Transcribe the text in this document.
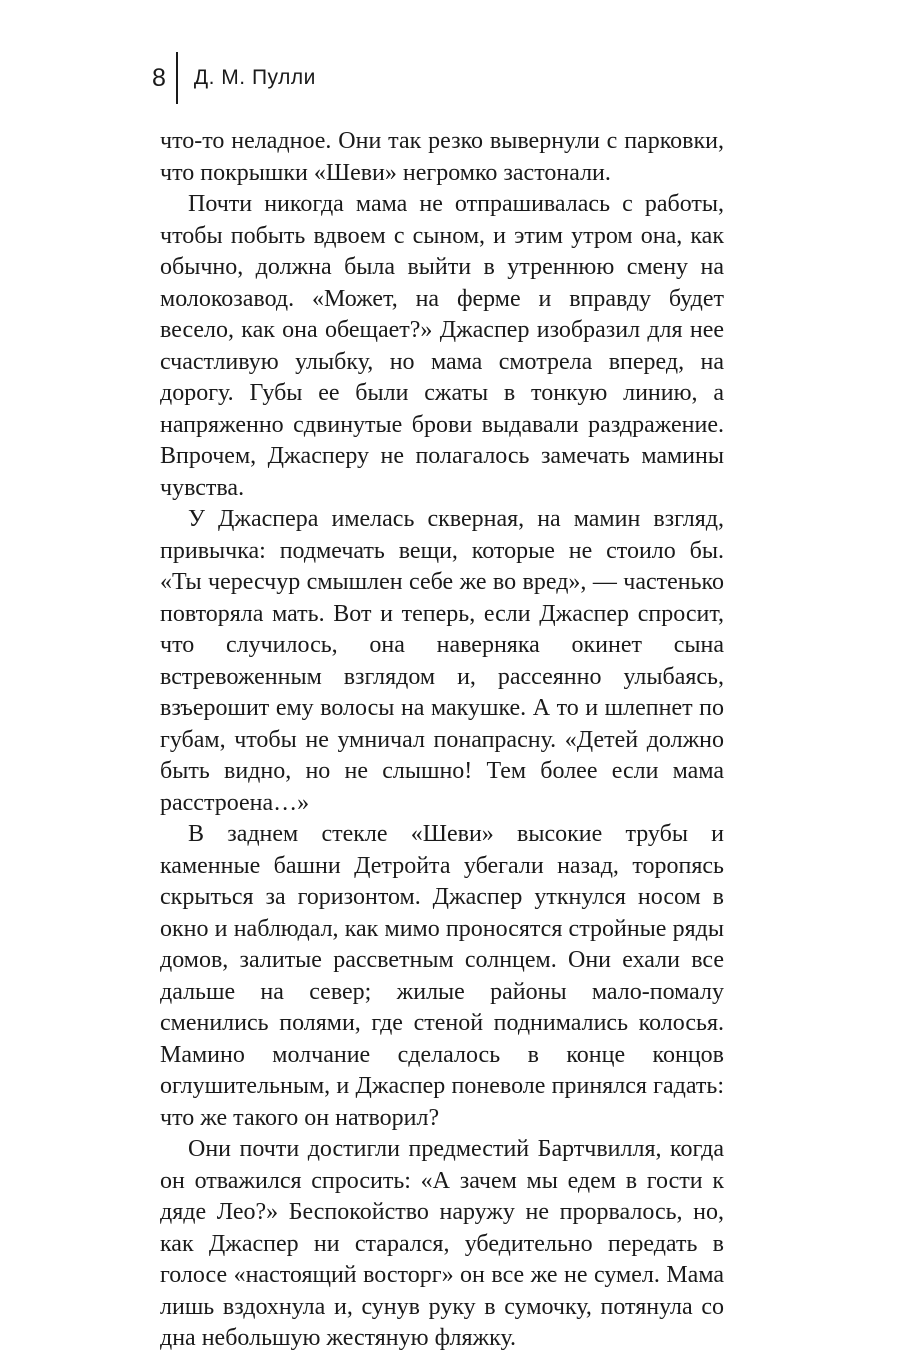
8	Д. М. Пулли

что-то неладное. Они так резко вывернули с парковки, что покрышки «Шеви» негромко застонали.

Почти никогда мама не отпрашивалась с работы, чтобы побыть вдвоем с сыном, и этим утром она, как обычно, должна была выйти в утреннюю смену на молокозавод. «Может, на ферме и вправду будет весело, как она обещает?» Джаспер изобразил для нее счастливую улыбку, но мама смотрела вперед, на дорогу. Губы ее были сжаты в тонкую линию, а напряженно сдвинутые брови выдавали раздражение. Впрочем, Джасперу не полагалось замечать мамины чувства.

У Джаспера имелась скверная, на мамин взгляд, привычка: подмечать вещи, которые не стоило бы. «Ты чересчур смышлен себе же во вред», — частенько повторяла мать. Вот и теперь, если Джаспер спросит, что случилось, она наверняка окинет сына встревоженным взглядом и, рассеянно улыбаясь, взъерошит ему волосы на макушке. А то и шлепнет по губам, чтобы не умничал понапрасну. «Детей должно быть видно, но не слышно! Тем более если мама расстроена…»

В заднем стекле «Шеви» высокие трубы и каменные башни Детройта убегали назад, торопясь скрыться за горизонтом. Джаспер уткнулся носом в окно и наблюдал, как мимо проносятся стройные ряды домов, залитые рассветным солнцем. Они ехали все дальше на север; жилые районы мало-помалу сменились полями, где стеной поднимались колосья. Мамино молчание сделалось в конце концов оглушительным, и Джаспер поневоле принялся гадать: что же такого он натворил?

Они почти достигли предместий Бартчвилля, когда он отважился спросить: «А зачем мы едем в гости к дяде Лео?» Беспокойство наружу не прорвалось, но, как Джаспер ни старался, убедительно передать в голосе «настоящий восторг» он все же не сумел. Мама лишь вздохнула и, сунув руку в сумочку, потянула со дна небольшую жестяную фляжку.
